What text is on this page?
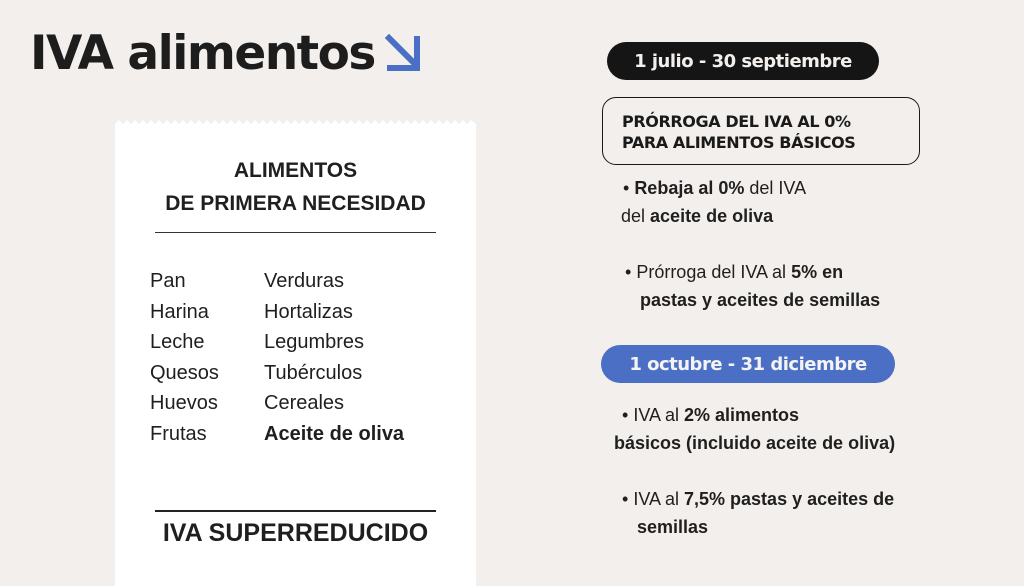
IVA alimentos
ALIMENTOS
DE PRIMERA NECESIDAD
Pan
Harina
Leche
Quesos
Huevos
Frutas
Verduras
Hortalizas
Legumbres
Tubérculos
Cereales
Aceite de oliva
IVA SUPERREDUCIDO
1 julio - 30 septiembre
PRÓRROGA DEL IVA AL 0%
PARA ALIMENTOS BÁSICOS
• Rebaja al 0% del IVA
del aceite de oliva
• Prórroga del IVA al 5% en
pastas y aceites de semillas
1 octubre - 31 diciembre
• IVA al 2% alimentos
básicos (incluido aceite de oliva)
• IVA al 7,5% pastas y aceites de
semillas
